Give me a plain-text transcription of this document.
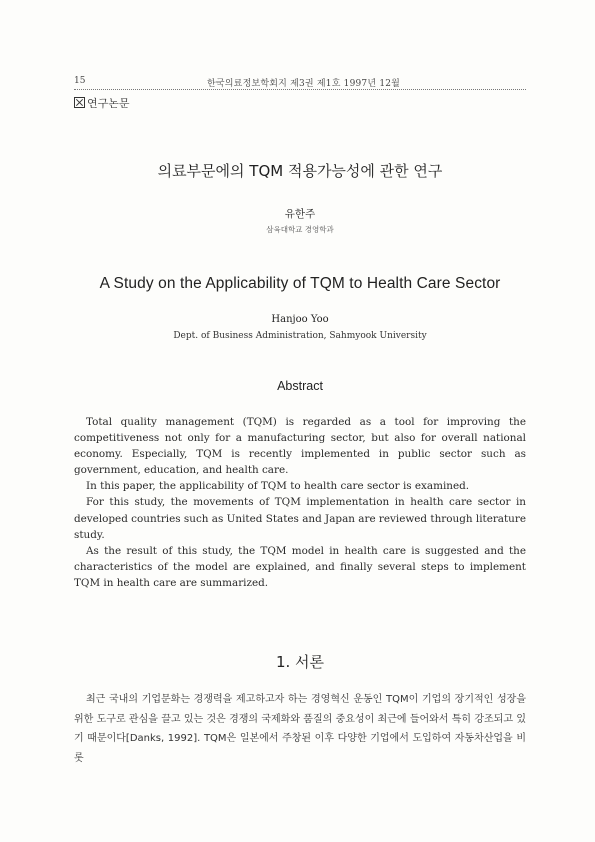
15	한국의료정보학회지 제3권 제1호 1997년 12월
연구논문
의료부문에의 TQM 적용가능성에 관한 연구
유한주
삼육대학교 경영학과
A Study on the Applicability of TQM to Health Care Sector
Hanjoo Yoo
Dept. of Business Administration, Sahmyook University
Abstract

Total quality management (TQM) is regarded as a tool for improving the competitiveness not only for a manufacturing sector, but also for overall national economy. Especially, TQM is recently implemented in public sector such as government, education, and health care.

In this paper, the applicability of TQM to health care sector is examined.

For this study, the movements of TQM implementation in health care sector in developed countries such as United States and Japan are reviewed through literature study.

As the result of this study, the TQM model in health care is suggested and the characteristics of the model are explained, and finally several steps to implement TQM in health care are summarized.

1. 서론
최근 국내의 기업문화는 경쟁력을 제고하고자 하는 경영혁신 운동인 TQM이 기업의 장기적인 성장을 위한 도구로 관심을 끌고 있는 것은 경쟁의 국제화와 품질의 중요성이 최근에 들어와서 특히 강조되고 있기 때문이다[Danks, 1992]. TQM은 일본에서 주창된 이후 다양한 기업에서 도입하여 자동차산업을 비롯
